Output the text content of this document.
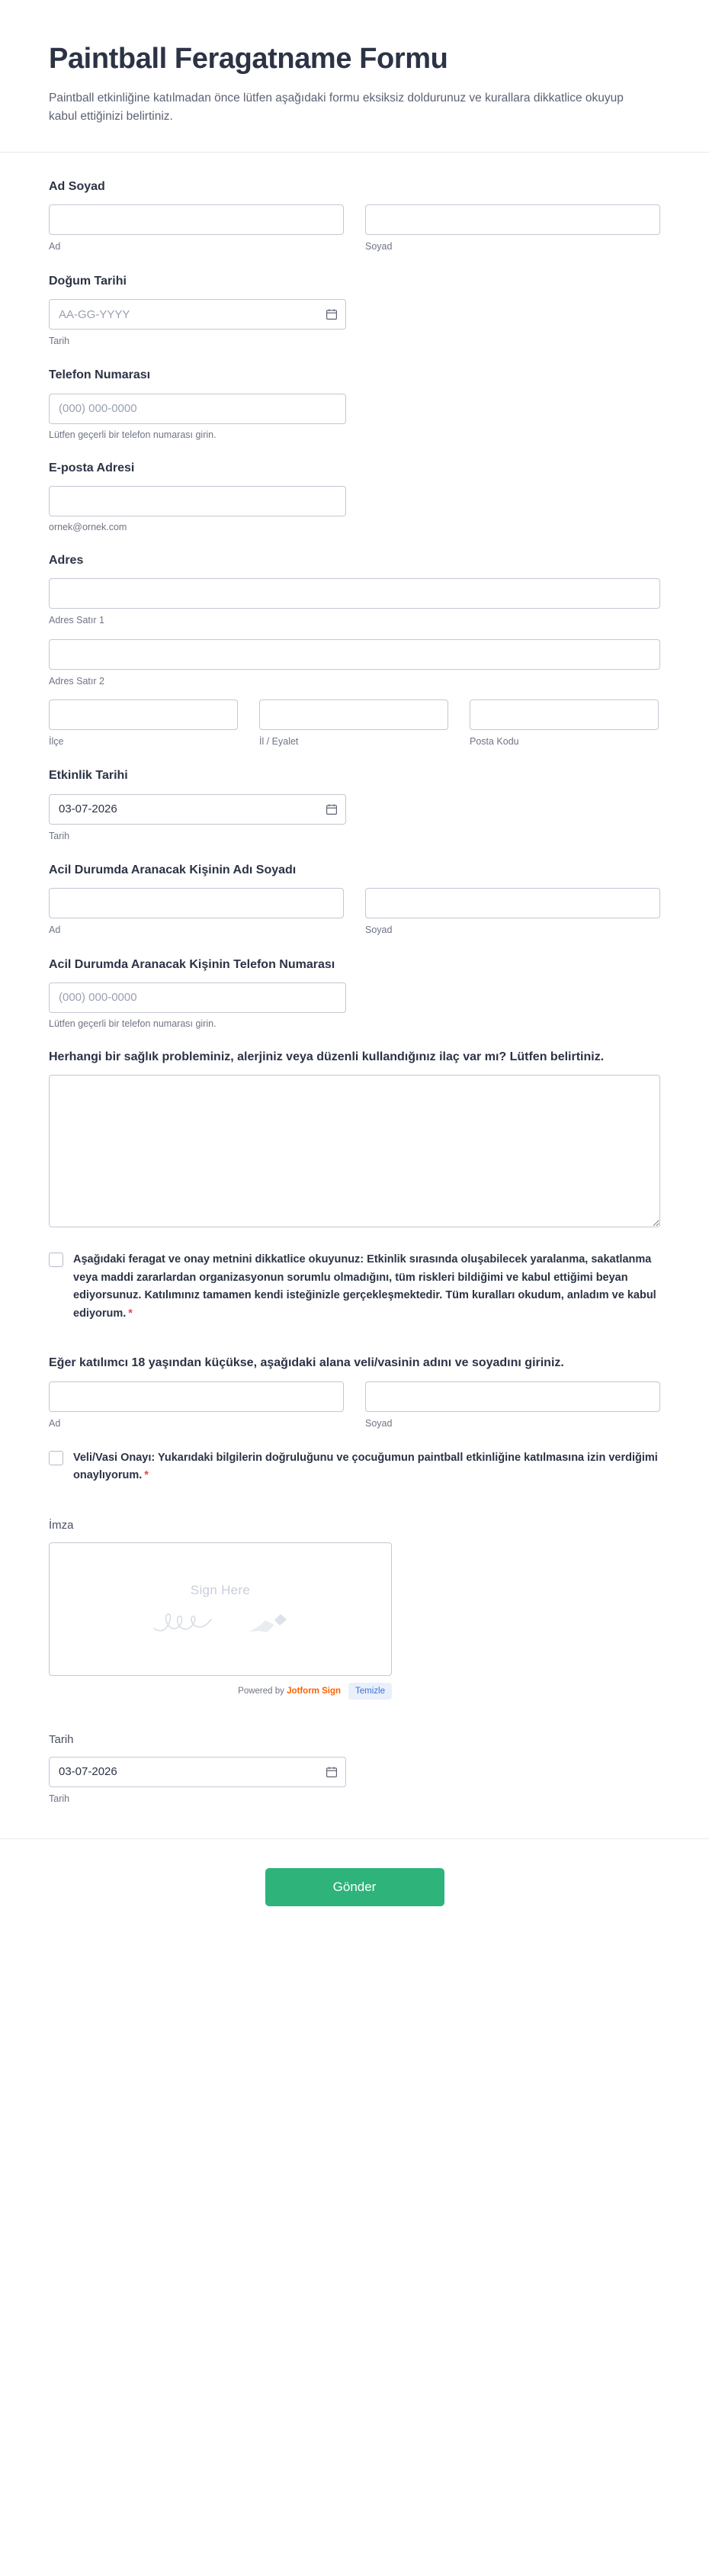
Paintball Feragatname Formu

Paintball etkinliğine katılmadan önce lütfen aşağıdaki formu eksiksiz doldurunuz ve kurallara dikkatlice okuyup kabul ettiğinizi belirtiniz.

Ad Soyad
Ad	Soyad
Doğum Tarihi
AA-GG-YYYY
Tarih
Telefon Numarası
(000) 000-0000
Lütfen geçerli bir telefon numarası girin.
E-posta Adresi
ornek@ornek.com
Adres
Adres Satır 1
Adres Satır 2
İlçe	İl / Eyalet	Posta Kodu
Etkinlik Tarihi
03-07-2026
Tarih
Acil Durumda Aranacak Kişinin Adı Soyadı
Ad	Soyad
Acil Durumda Aranacak Kişinin Telefon Numarası
(000) 000-0000
Lütfen geçerli bir telefon numarası girin.
Herhangi bir sağlık probleminiz, alerjiniz veya düzenli kullandığınız ilaç var mı? Lütfen belirtiniz.
Aşağıdaki feragat ve onay metnini dikkatlice okuyunuz: Etkinlik sırasında oluşabilecek yaralanma, sakatlanma veya maddi zararlardan organizasyonun sorumlu olmadığını, tüm riskleri bildiğimi ve kabul ettiğimi beyan ediyorsunuz. Katılımınız tamamen kendi isteğinizle gerçekleşmektedir. Tüm kuralları okudum, anladım ve kabul ediyorum. *
Eğer katılımcı 18 yaşından küçükse, aşağıdaki alana veli/vasinin adını ve soyadını giriniz.
Ad	Soyad
Veli/Vasi Onayı: Yukarıdaki bilgilerin doğruluğunu ve çocuğumun paintball etkinliğine katılmasına izin verdiğimi onaylıyorum. *
İmza
Sign Here
Powered by Jotform Sign	Temizle
Tarih
03-07-2026
Tarih
Gönder
